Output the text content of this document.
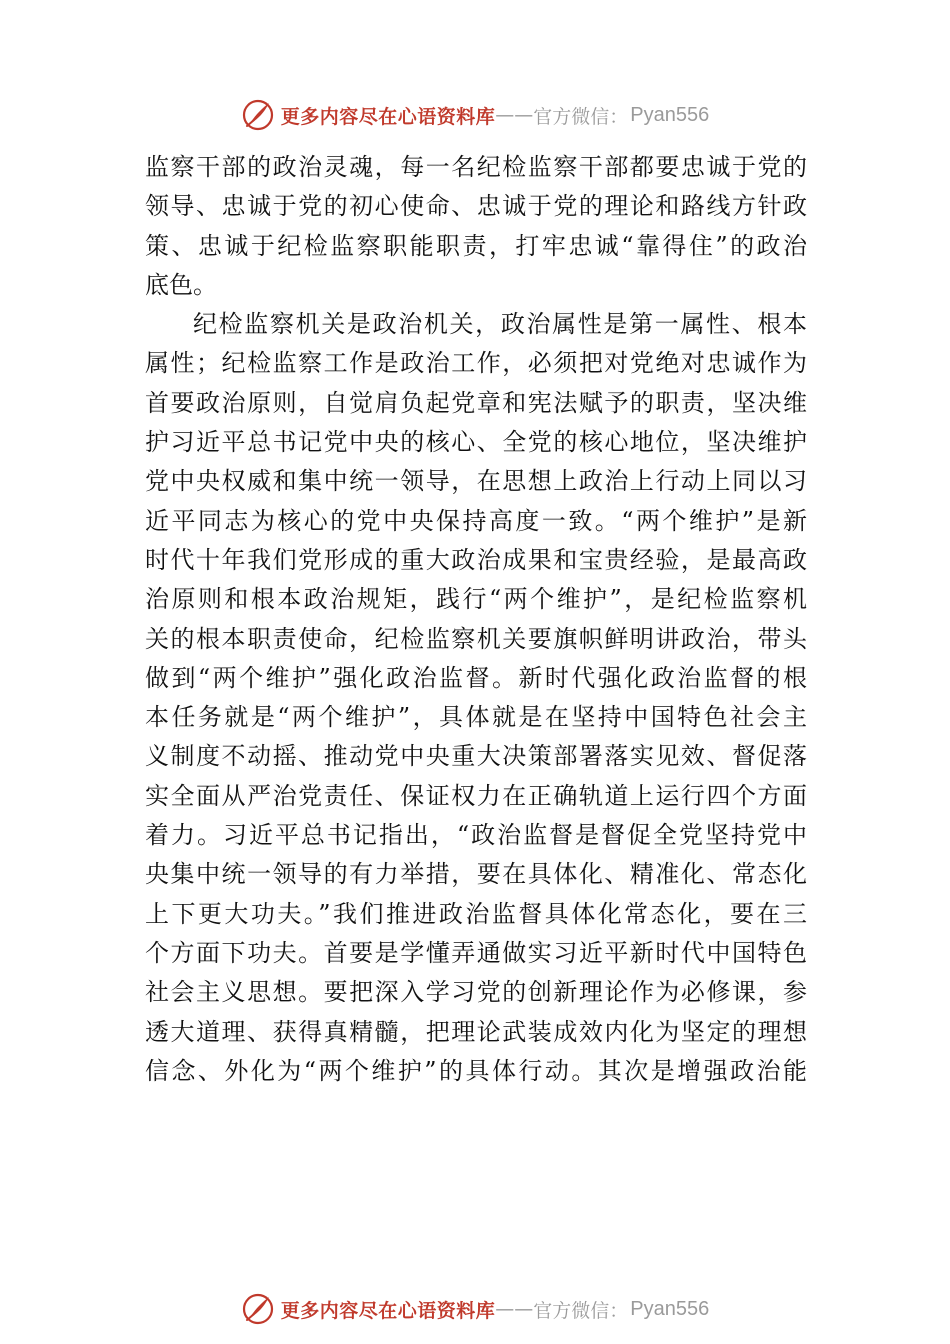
更多内容尽在心语资料库 —— 官方微信： Pyan556
监察干部的政治灵魂，每一名纪检监察干部都要忠诚于党的
领导、忠诚于党的初心使命、忠诚于党的理论和路线方针政
策、忠诚于纪检监察职能职责，打牢忠诚“靠得住”的政治
底色。
纪检监察机关是政治机关，政治属性是第一属性、根本
属性；纪检监察工作是政治工作，必须把对党绝对忠诚作为
首要政治原则，自觉肩负起党章和宪法赋予的职责，坚决维
护习近平总书记党中央的核心、全党的核心地位，坚决维护
党中央权威和集中统一领导，在思想上政治上行动上同以习
近平同志为核心的党中央保持高度一致。“两个维护”是新
时代十年我们党形成的重大政治成果和宝贵经验，是最高政
治原则和根本政治规矩，践行“两个维护”，是纪检监察机
关的根本职责使命，纪检监察机关要旗帜鲜明讲政治，带头
做到“两个维护”强化政治监督。新时代强化政治监督的根
本任务就是“两个维护”，具体就是在坚持中国特色社会主
义制度不动摇、推动党中央重大决策部署落实见效、督促落
实全面从严治党责任、保证权力在正确轨道上运行四个方面
着力。习近平总书记指出，“政治监督是督促全党坚持党中
央集中统一领导的有力举措，要在具体化、精准化、常态化
上下更大功夫。”我们推进政治监督具体化常态化，要在三
个方面下功夫。首要是学懂弄通做实习近平新时代中国特色
社会主义思想。要把深入学习党的创新理论作为必修课，参
透大道理、获得真精髓，把理论武装成效内化为坚定的理想
信念、外化为“两个维护”的具体行动。其次是增强政治能
更多内容尽在心语资料库 —— 官方微信： Pyan556
